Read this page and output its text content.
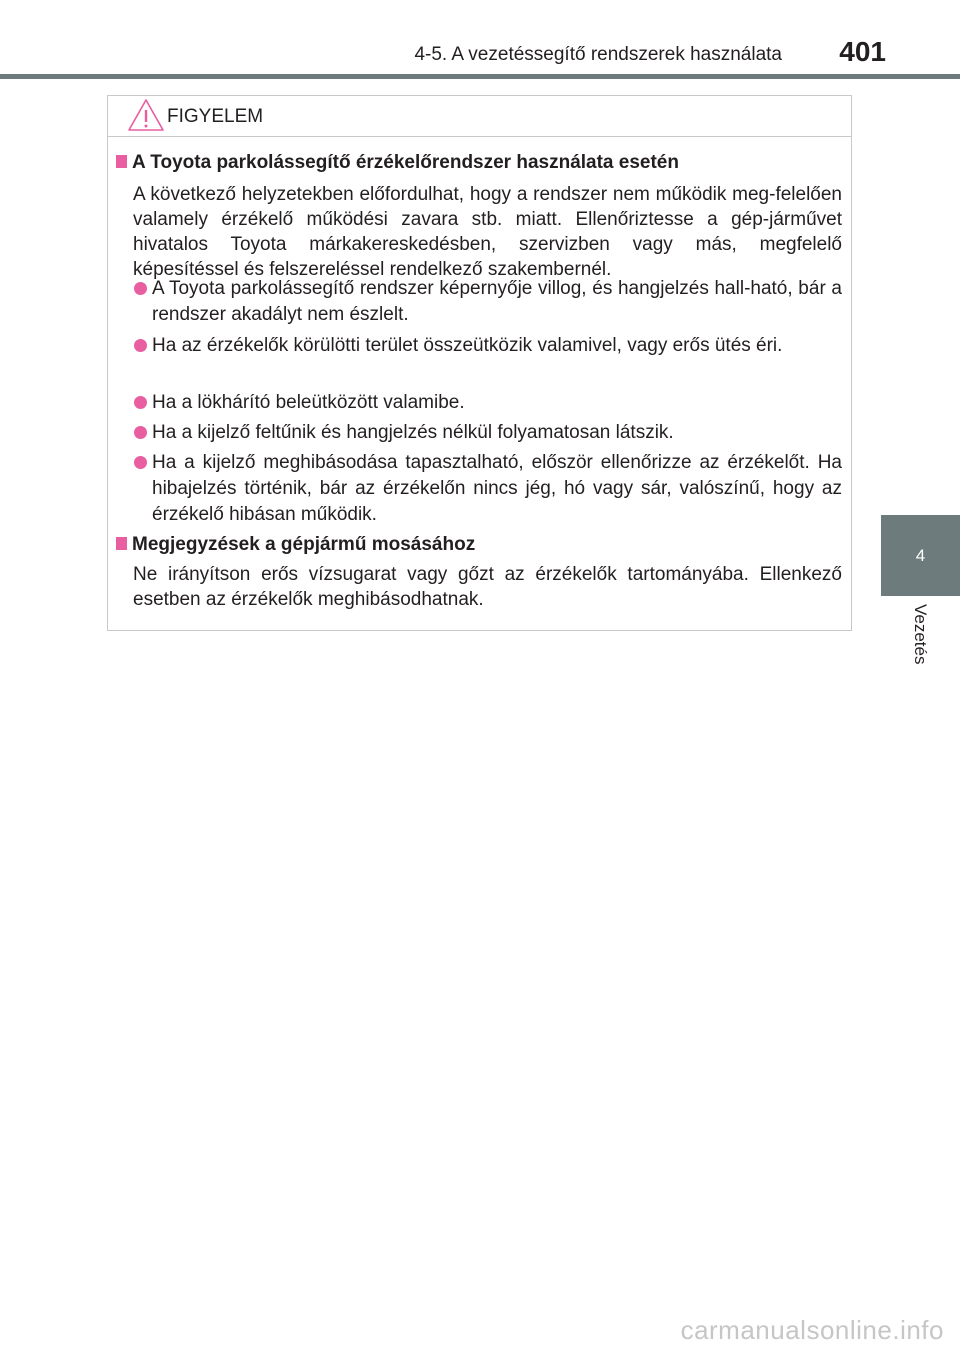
4-5. A vezetéssegítő rendszerek használata 401
4
Vezetés
FIGYELEM
A Toyota parkolássegítő érzékelőrendszer használata esetén
A következő helyzetekben előfordulhat, hogy a rendszer nem működik meg-felelően valamely érzékelő működési zavara stb. miatt. Ellenőriztesse a gép-járművet hivatalos Toyota márkakereskedésben, szervizben vagy más, megfelelő képesítéssel és felszereléssel rendelkező szakembernél.
A Toyota parkolássegítő rendszer képernyője villog, és hangjelzés hall-ható, bár a rendszer akadályt nem észlelt.
Ha az érzékelők körülötti terület összeütközik valamivel, vagy erős ütés éri.
Ha a lökhárító beleütközött valamibe.
Ha a kijelző feltűnik és hangjelzés nélkül folyamatosan látszik.
Ha a kijelző meghibásodása tapasztalható, először ellenőrizze az érzékelőt. Ha hibajelzés történik, bár az érzékelőn nincs jég, hó vagy sár, valószínű, hogy az érzékelő hibásan működik.
Megjegyzések a gépjármű mosásához
Ne irányítson erős vízsugarat vagy gőzt az érzékelők tartományába. Ellenkező esetben az érzékelők meghibásodhatnak.
carmanualsonline.info
